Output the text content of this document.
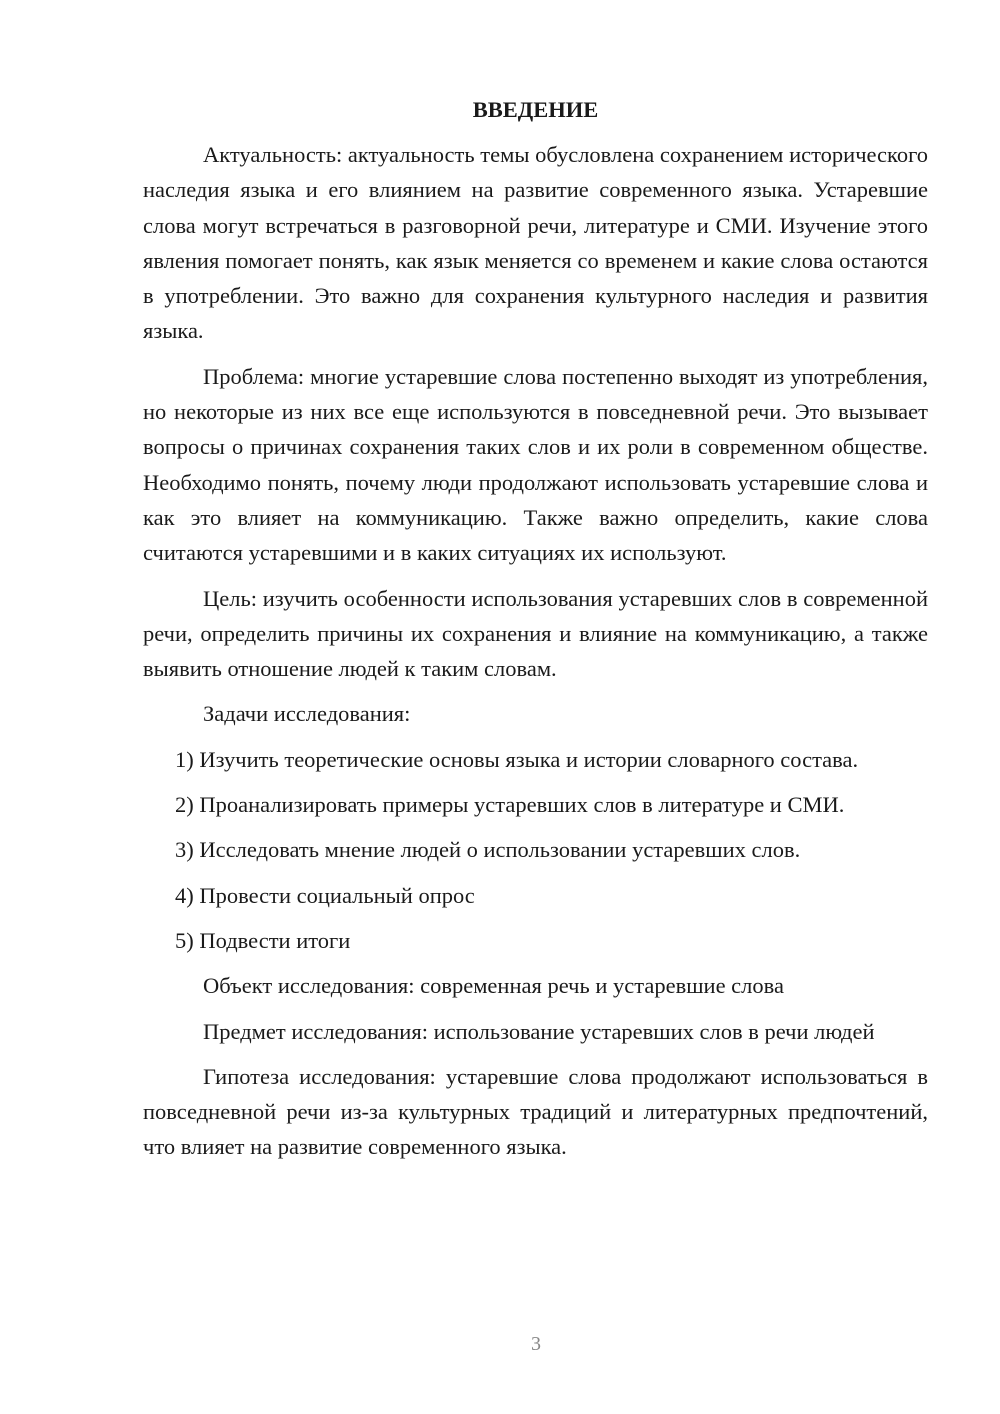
ВВЕДЕНИЕ

Актуальность: актуальность темы обусловлена сохранением исторического наследия языка и его влиянием на развитие современного языка. Устаревшие слова могут встречаться в разговорной речи, литературе и СМИ. Изучение этого явления помогает понять, как язык меняется со временем и какие слова остаются в употреблении. Это важно для сохранения культурного наследия и развития языка.

Проблема: многие устаревшие слова постепенно выходят из употребления, но некоторые из них все еще используются в повседневной речи. Это вызывает вопросы о причинах сохранения таких слов и их роли в современном обществе. Необходимо понять, почему люди продолжают использовать устаревшие слова и как это влияет на коммуникацию. Также важно определить, какие слова считаются устаревшими и в каких ситуациях их используют.

Цель: изучить особенности использования устаревших слов в современной речи, определить причины их сохранения и влияние на коммуникацию, а также выявить отношение людей к таким словам.

Задачи исследования:

1) Изучить теоретические основы языка и истории словарного состава.

2) Проанализировать примеры устаревших слов в литературе и СМИ.

3) Исследовать мнение людей о использовании устаревших слов.

4) Провести социальный опрос

5) Подвести итоги

Объект исследования: современная речь и устаревшие слова

Предмет исследования: использование устаревших слов в речи людей

Гипотеза исследования: устаревшие слова продолжают использоваться в повседневной речи из-за культурных традиций и литературных предпочтений, что влияет на развитие современного языка.

3
